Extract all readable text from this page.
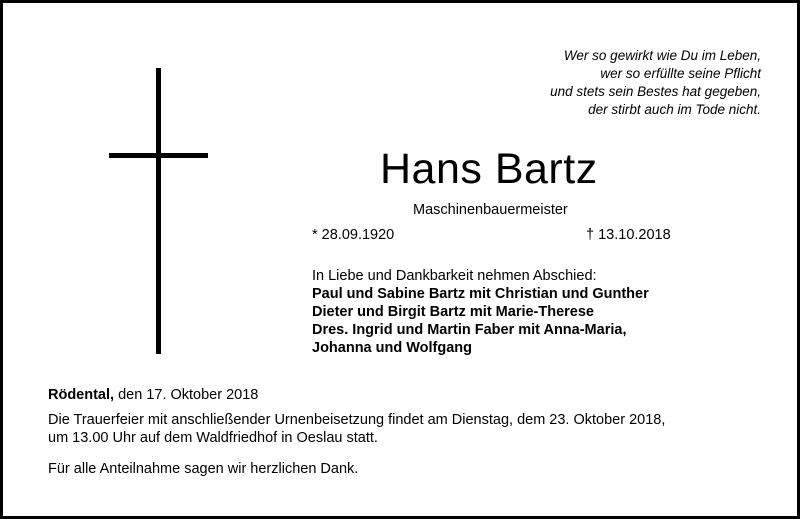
Wer so gewirkt wie Du im Leben,
wer so erfüllte seine Pflicht
und stets sein Bestes hat gegeben,
der stirbt auch im Tode nicht.
Hans Bartz
Maschinenbauermeister
* 28.09.1920	† 13.10.2018
In Liebe und Dankbarkeit nehmen Abschied:
Paul und Sabine Bartz mit Christian und Gunther
Dieter und Birgit Bartz mit Marie-Therese
Dres. Ingrid und Martin Faber mit Anna-Maria,
Johanna und Wolfgang

Rödental, den 17. Oktober 2018

Die Trauerfeier mit anschließender Urnenbeisetzung findet am Dienstag, dem 23. Oktober 2018,
um 13.00 Uhr auf dem Waldfriedhof in Oeslau statt.

Für alle Anteilnahme sagen wir herzlichen Dank.
